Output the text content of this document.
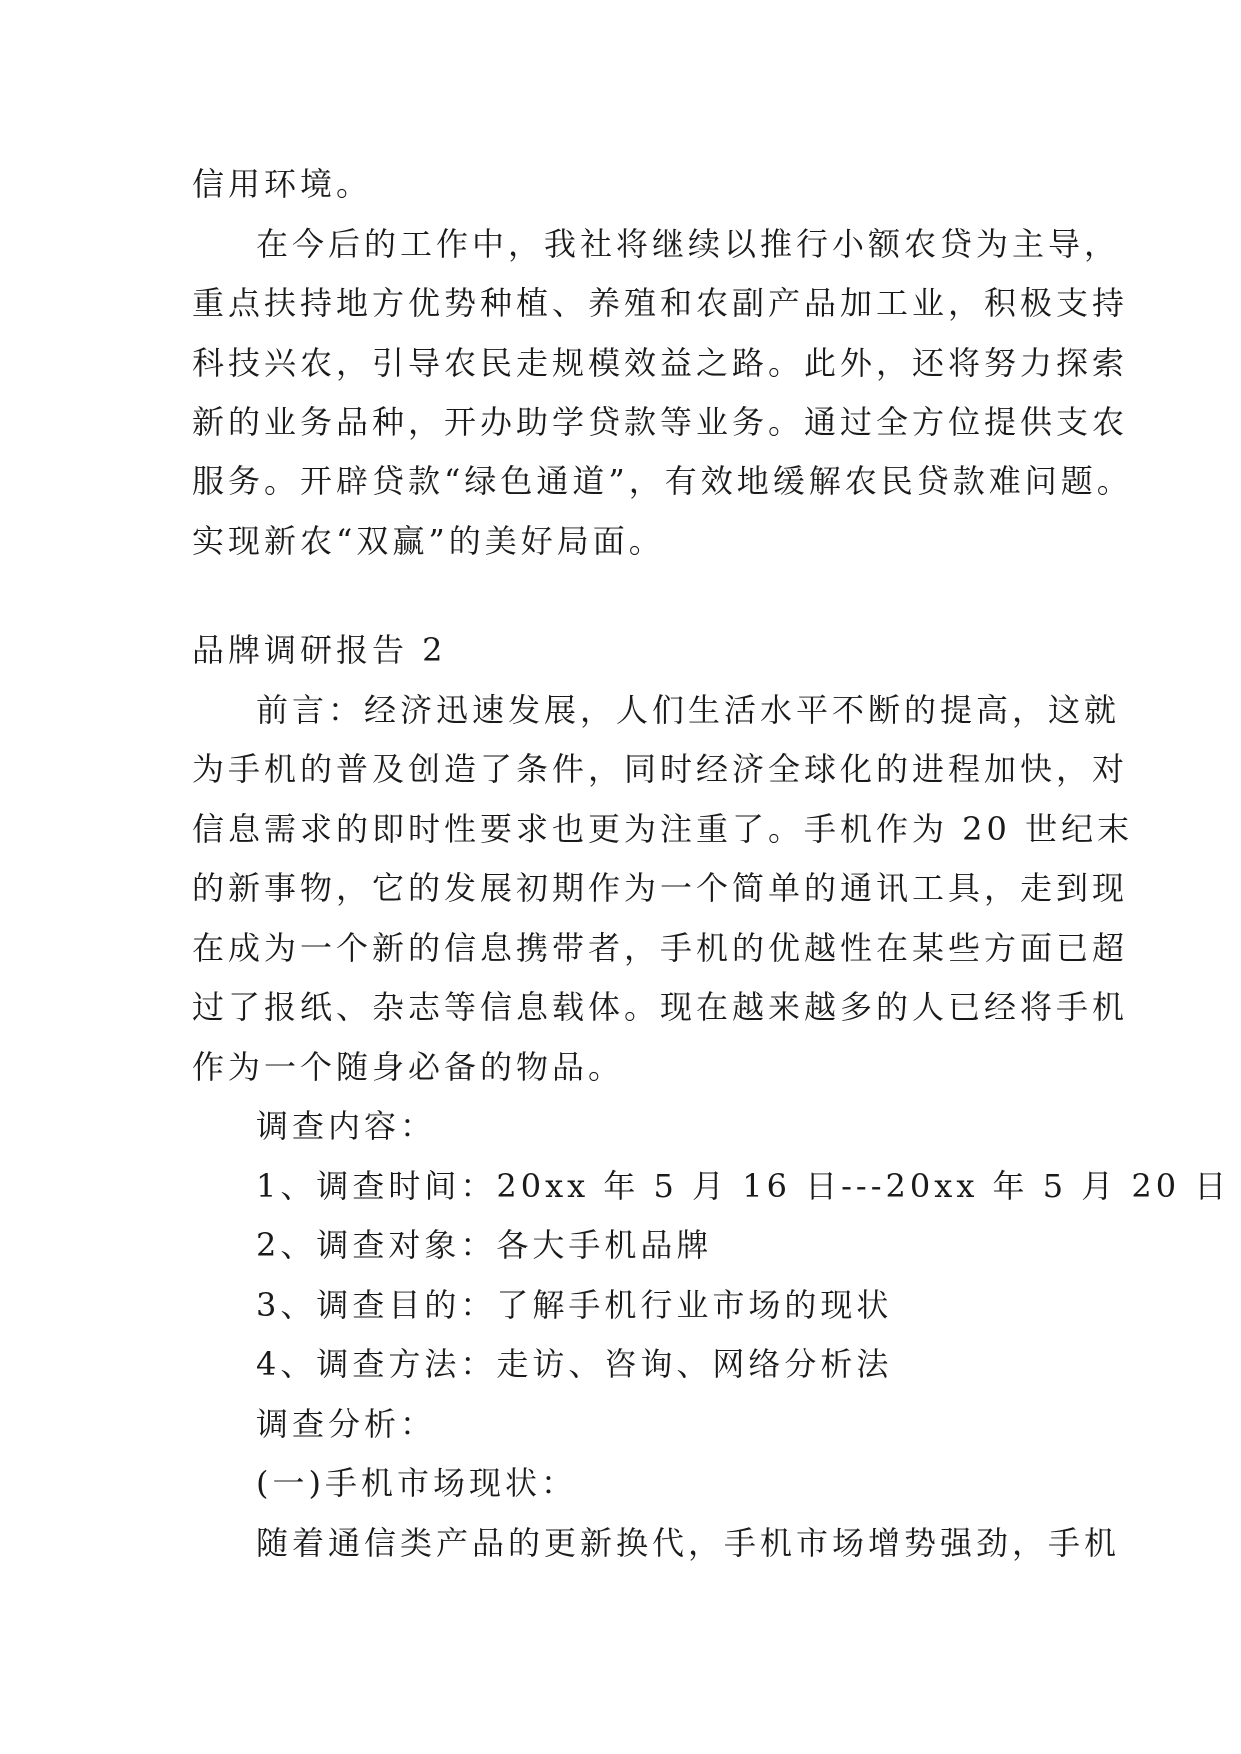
信用环境。
在今后的工作中，我社将继续以推行小额农贷为主导，
重点扶持地方优势种植、养殖和农副产品加工业，积极支持
科技兴农，引导农民走规模效益之路。此外，还将努力探索
新的业务品种，开办助学贷款等业务。通过全方位提供支农
服务。开辟贷款“绿色通道”，有效地缓解农民贷款难问题。
实现新农“双赢”的美好局面。
品牌调研报告 2
前言：经济迅速发展，人们生活水平不断的提高，这就
为手机的普及创造了条件，同时经济全球化的进程加快，对
信息需求的即时性要求也更为注重了。手机作为 20 世纪末
的新事物，它的发展初期作为一个简单的通讯工具，走到现
在成为一个新的信息携带者，手机的优越性在某些方面已超
过了报纸、杂志等信息载体。现在越来越多的人已经将手机
作为一个随身必备的物品。
调查内容：
1、调查时间：20xx 年 5 月 16 日---20xx 年 5 月 20 日
2、调查对象：各大手机品牌
3、调查目的：了解手机行业市场的现状
4、调查方法：走访、咨询、网络分析法
调查分析：
(一)手机市场现状：
随着通信类产品的更新换代，手机市场增势强劲，手机
